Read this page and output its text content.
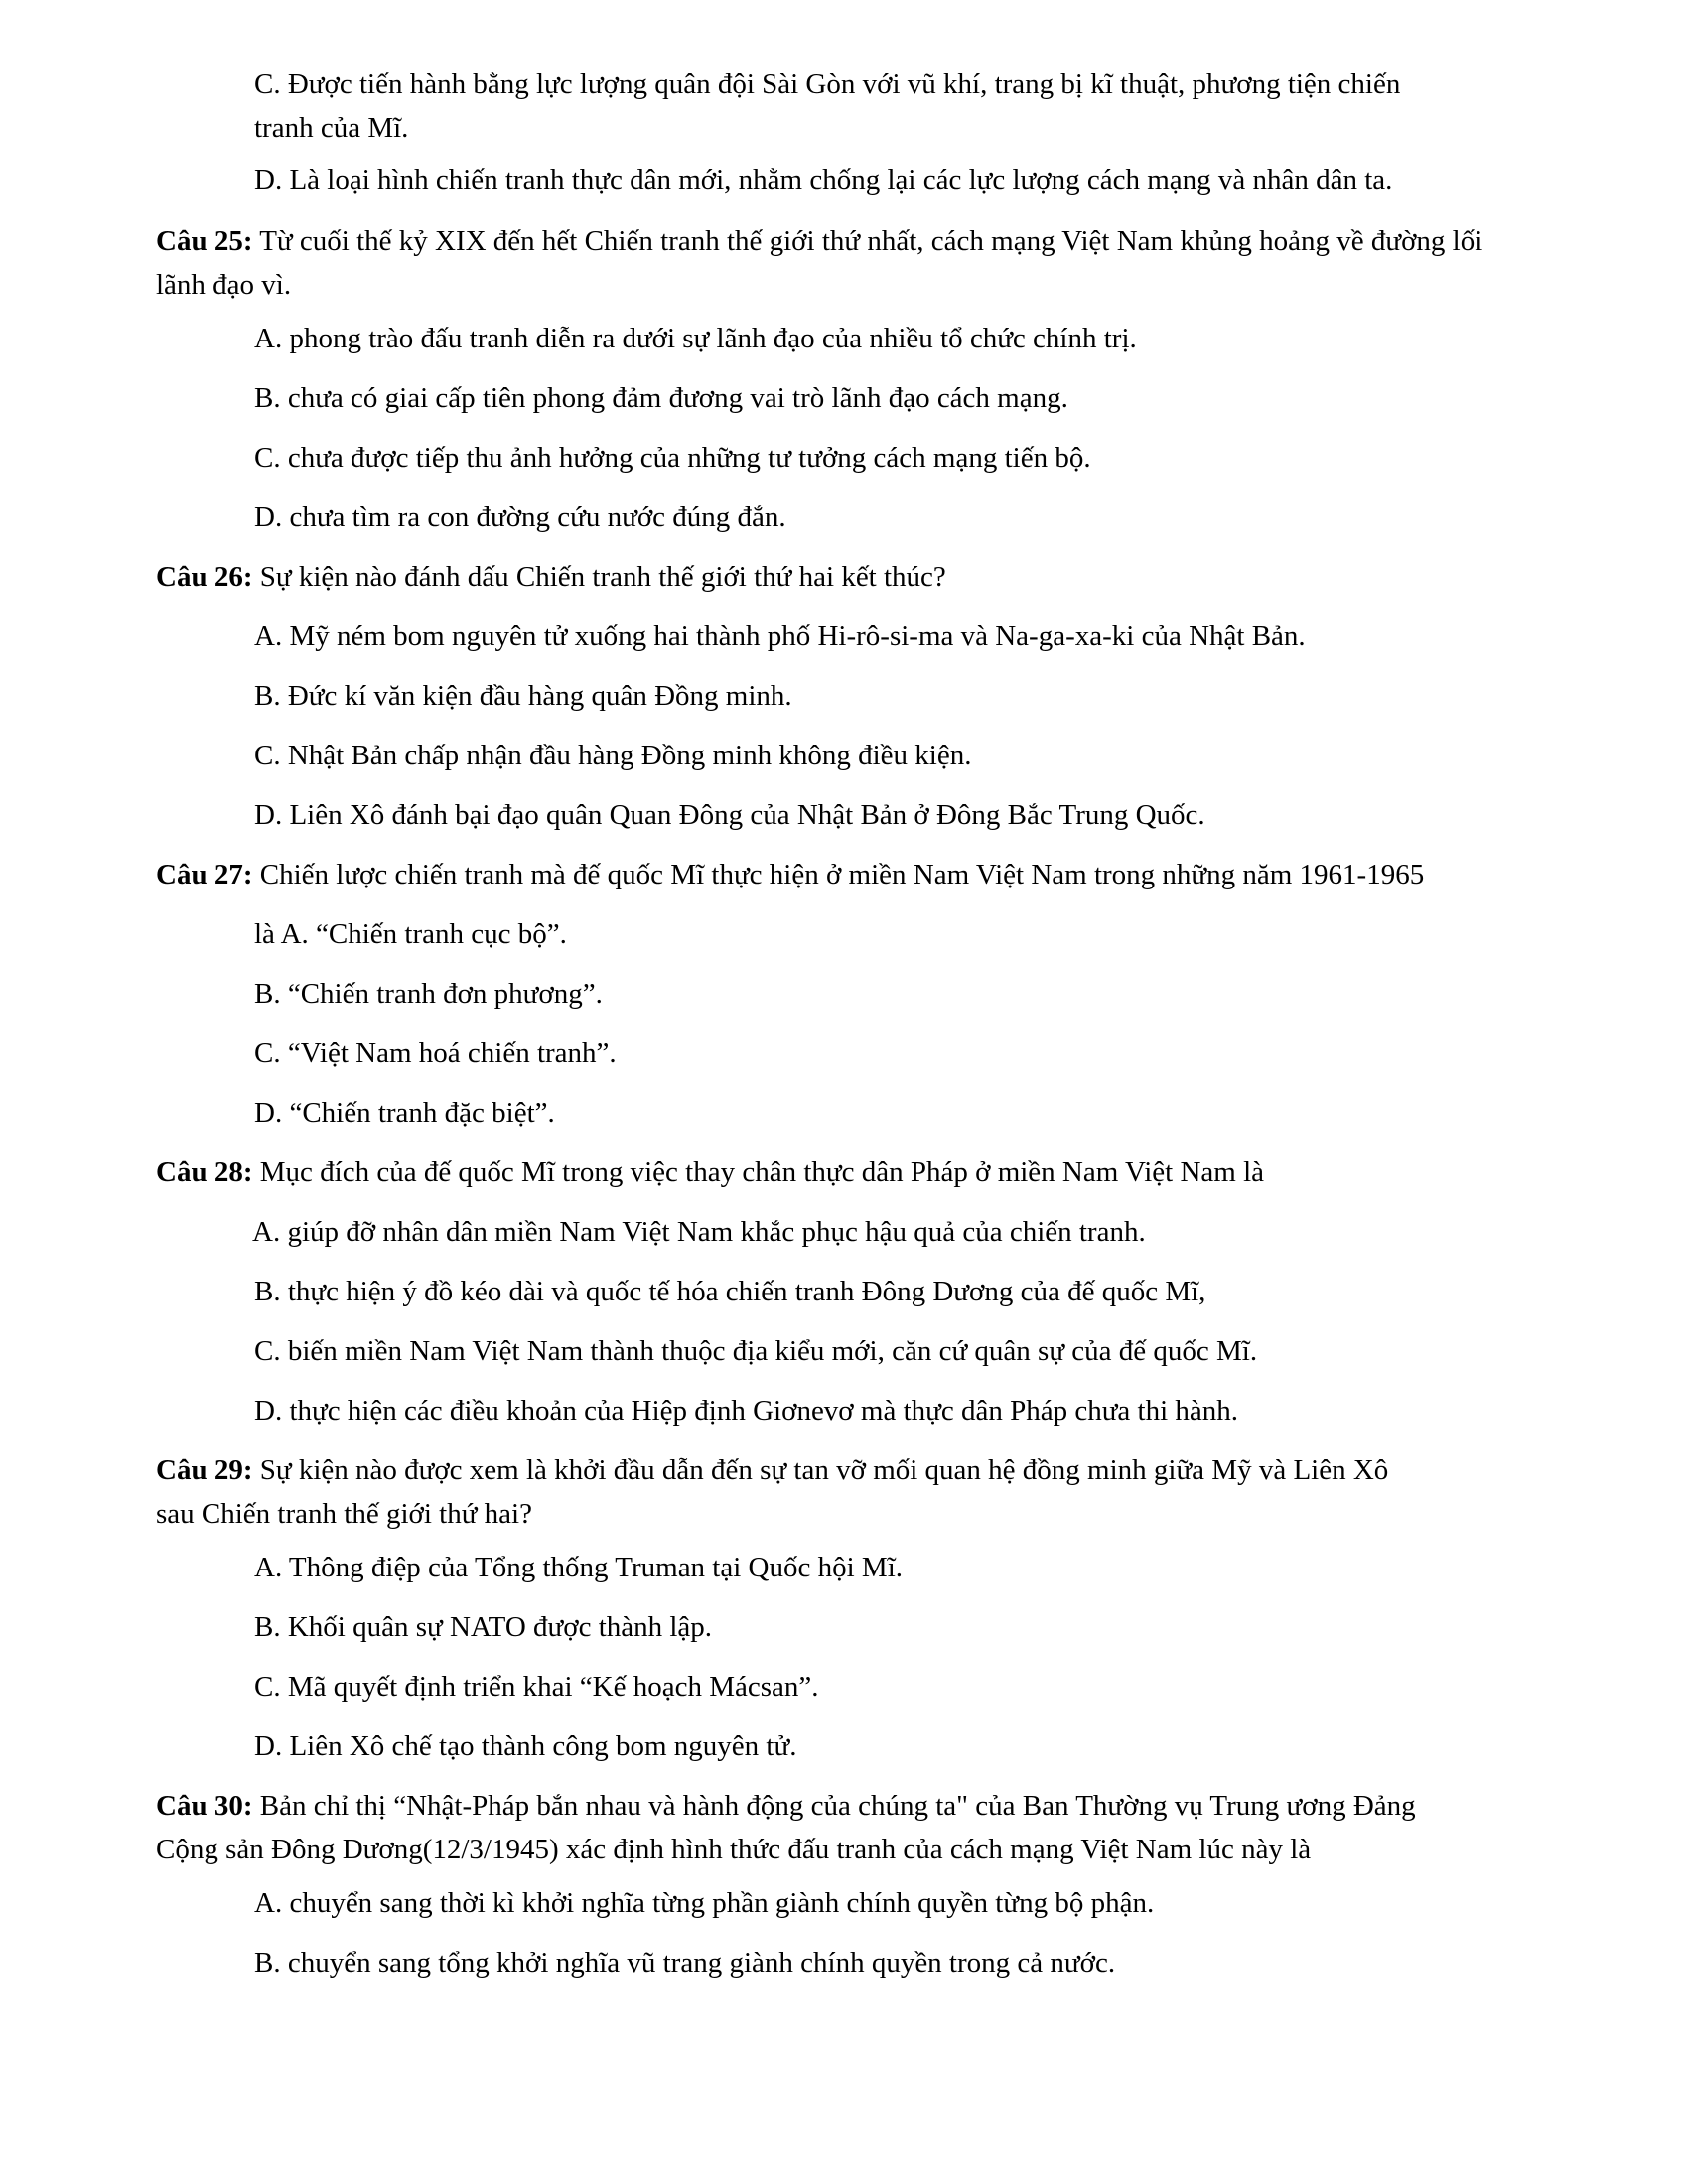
C. Được tiến hành bằng lực lượng quân đội Sài Gòn với vũ khí, trang bị kĩ thuật, phương tiện chiến
tranh của Mĩ.
D. Là loại hình chiến tranh thực dân mới, nhằm chống lại các lực lượng cách mạng và nhân dân ta.
Câu 25: Từ cuối thế kỷ XIX đến hết Chiến tranh thế giới thứ nhất, cách mạng Việt Nam khủng hoảng về đường lối
lãnh đạo vì.
A. phong trào đấu tranh diễn ra dưới sự lãnh đạo của nhiều tổ chức chính trị.
B. chưa có giai cấp tiên phong đảm đương vai trò lãnh đạo cách mạng.
C. chưa được tiếp thu ảnh hưởng của những tư tưởng cách mạng tiến bộ.
D. chưa tìm ra con đường cứu nước đúng đắn.
Câu 26: Sự kiện nào đánh dấu Chiến tranh thế giới thứ hai kết thúc?
A. Mỹ ném bom nguyên tử xuống hai thành phố Hi-rô-si-ma và Na-ga-xa-ki của Nhật Bản.
B. Đức kí văn kiện đầu hàng quân Đồng minh.
C. Nhật Bản chấp nhận đầu hàng Đồng minh không điều kiện.
D. Liên Xô đánh bại đạo quân Quan Đông của Nhật Bản ở Đông Bắc Trung Quốc.
Câu 27: Chiến lược chiến tranh mà đế quốc Mĩ thực hiện ở miền Nam Việt Nam trong những năm 1961-1965
là A. “Chiến tranh cục bộ”.
B. “Chiến tranh đơn phương”.
C. “Việt Nam hoá chiến tranh”.
D. “Chiến tranh đặc biệt”.
Câu 28: Mục đích của đế quốc Mĩ trong việc thay chân thực dân Pháp ở miền Nam Việt Nam là
A. giúp đỡ nhân dân miền Nam Việt Nam khắc phục hậu quả của chiến tranh.
B. thực hiện ý đồ kéo dài và quốc tế hóa chiến tranh Đông Dương của đế quốc Mĩ,
C. biến miền Nam Việt Nam thành thuộc địa kiểu mới, căn cứ quân sự của đế quốc Mĩ.
D. thực hiện các điều khoản của Hiệp định Giơnevơ mà thực dân Pháp chưa thi hành.
Câu 29: Sự kiện nào được xem là khởi đầu dẫn đến sự tan vỡ mối quan hệ đồng minh giữa Mỹ và Liên Xô
sau Chiến tranh thế giới thứ hai?
A. Thông điệp của Tổng thống Truman tại Quốc hội Mĩ.
B. Khối quân sự NATO được thành lập.
C. Mã quyết định triển khai “Kế hoạch Mácsan”.
D. Liên Xô chế tạo thành công bom nguyên tử.
Câu 30: Bản chỉ thị “Nhật-Pháp bắn nhau và hành động của chúng ta" của Ban Thường vụ Trung ương Đảng
Cộng sản Đông Dương(12/3/1945) xác định hình thức đấu tranh của cách mạng Việt Nam lúc này là
A. chuyển sang thời kì khởi nghĩa từng phần giành chính quyền từng bộ phận.
B. chuyển sang tổng khởi nghĩa vũ trang giành chính quyền trong cả nước.
